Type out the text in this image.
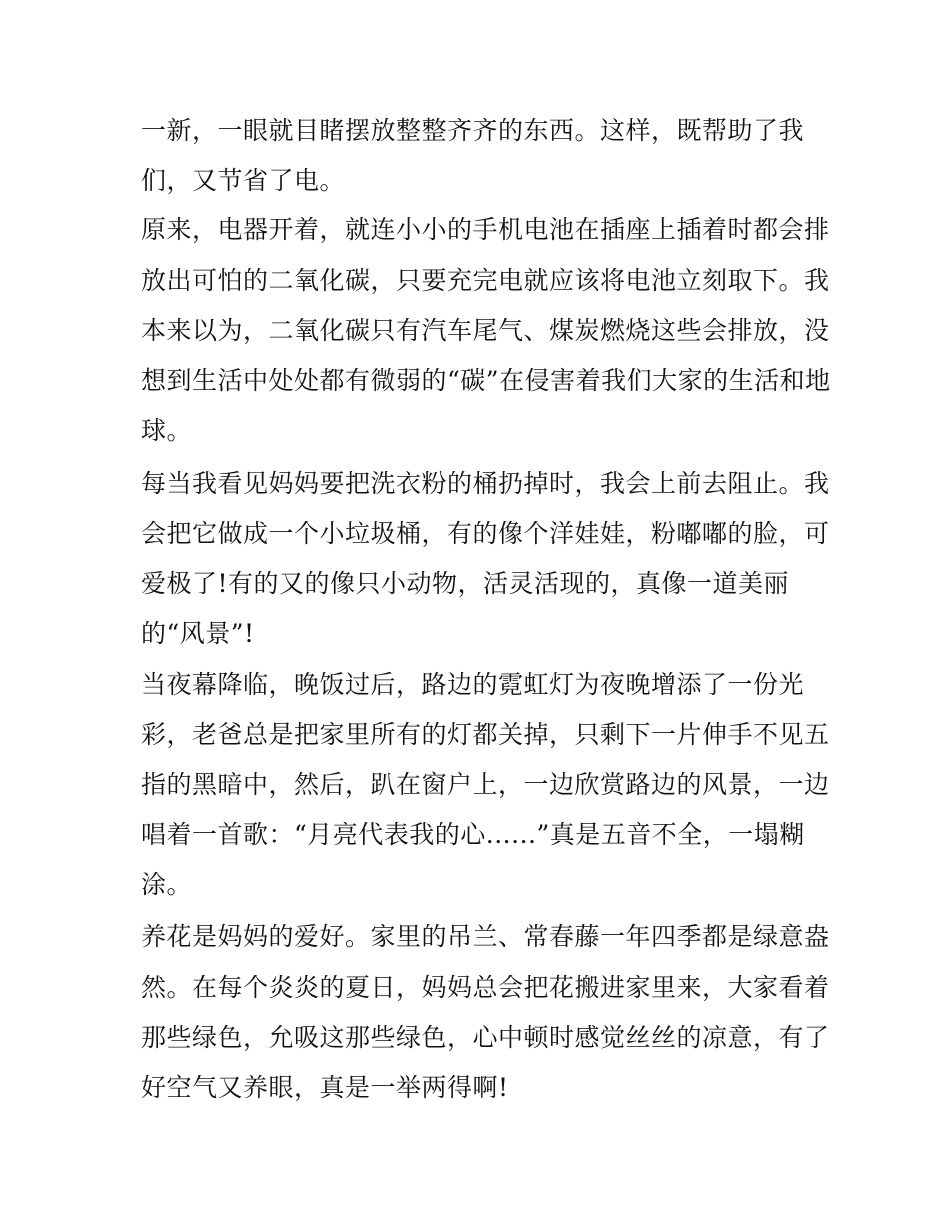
一新，一眼就目睹摆放整整齐齐的东西。这样，既帮助了我
们，又节省了电。
原来，电器开着，就连小小的手机电池在插座上插着时都会排
放出可怕的二氧化碳，只要充完电就应该将电池立刻取下。我
本来以为，二氧化碳只有汽车尾气、煤炭燃烧这些会排放，没
想到生活中处处都有微弱的“碳”在侵害着我们大家的生活和地
球。
每当我看见妈妈要把洗衣粉的桶扔掉时，我会上前去阻止。我
会把它做成一个小垃圾桶，有的像个洋娃娃，粉嘟嘟的脸，可
爱极了!有的又的像只小动物，活灵活现的，真像一道美丽
的“风景”!
当夜幕降临，晚饭过后，路边的霓虹灯为夜晚增添了一份光
彩，老爸总是把家里所有的灯都关掉，只剩下一片伸手不见五
指的黑暗中，然后，趴在窗户上，一边欣赏路边的风景，一边
唱着一首歌：“月亮代表我的心......”真是五音不全，一塌糊
涂。
养花是妈妈的爱好。家里的吊兰、常春藤一年四季都是绿意盎
然。在每个炎炎的夏日，妈妈总会把花搬进家里来，大家看着
那些绿色，允吸这那些绿色，心中顿时感觉丝丝的凉意，有了
好空气又养眼，真是一举两得啊!
